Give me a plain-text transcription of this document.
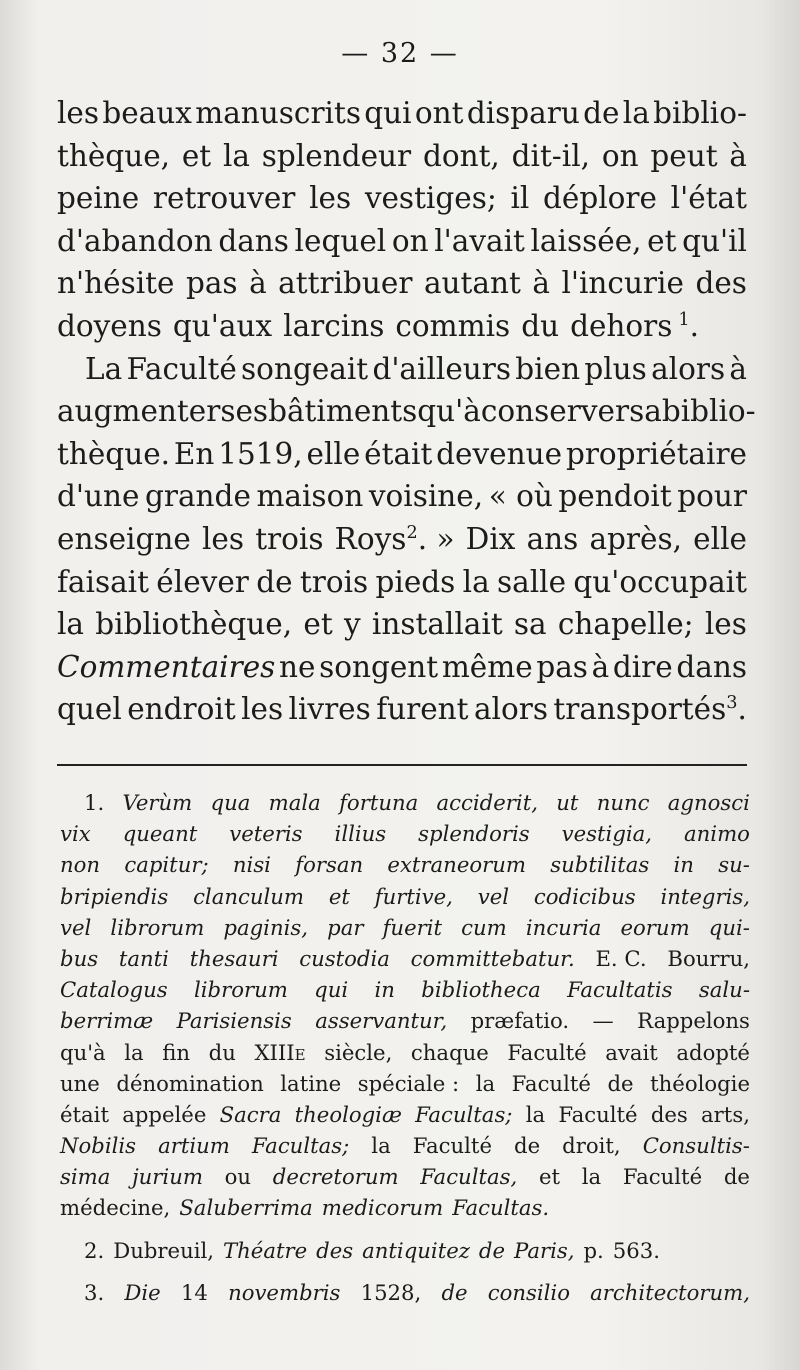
— 32 —
les beaux manuscrits qui ont disparu de la biblio-
thèque, et la splendeur dont, dit-il, on peut à
peine retrouver les vestiges; il déplore l'état
d'abandon dans lequel on l'avait laissée, et qu'il
n'hésite pas à attribuer autant à l'incurie des
doyens qu'aux larcins commis du dehors  $^1$.
La Faculté songeait d'ailleurs bien plus alors à
augmenter ses bâtiments qu'à conserver sa biblio-
thèque. En 1519, elle était devenue propriétaire
d'une grande maison voisine, « où pendoit pour
enseigne les trois Roys$^2$. » Dix ans après, elle
faisait élever de trois pieds la salle qu'occupait
la bibliothèque, et y installait sa chapelle; les
Commentaires ne songent même pas à dire dans
quel endroit les livres furent alors transportés$^3$.
1. Verùm qua mala fortuna acciderit, ut nunc agnosci
vix queant veteris illius splendoris vestigia, animo
non capitur; nisi forsan extraneorum subtilitas in su-
bripiendis clanculum et furtive, vel codicibus integris,
vel librorum paginis, par fuerit cum incuria eorum qui-
bus tanti thesauri custodia committebatur. E. C. Bourru,
Catalogus librorum qui in bibliotheca Facultatis salu-
berrimæ Parisiensis asservantur, præfatio. — Rappelons
qu'à la fin du XIIIe siècle, chaque Faculté avait adopté
une dénomination latine spéciale : la Faculté de théologie
était appelée Sacra theologiæ Facultas; la Faculté des arts,
Nobilis artium Facultas; la Faculté de droit, Consultis-
sima jurium ou decretorum Facultas, et la Faculté de
médecine, Saluberrima medicorum Facultas.
2. Dubreuil, Théatre des antiquitez de Paris, p. 563.
3. Die 14 novembris 1528, de consilio architectorum,
